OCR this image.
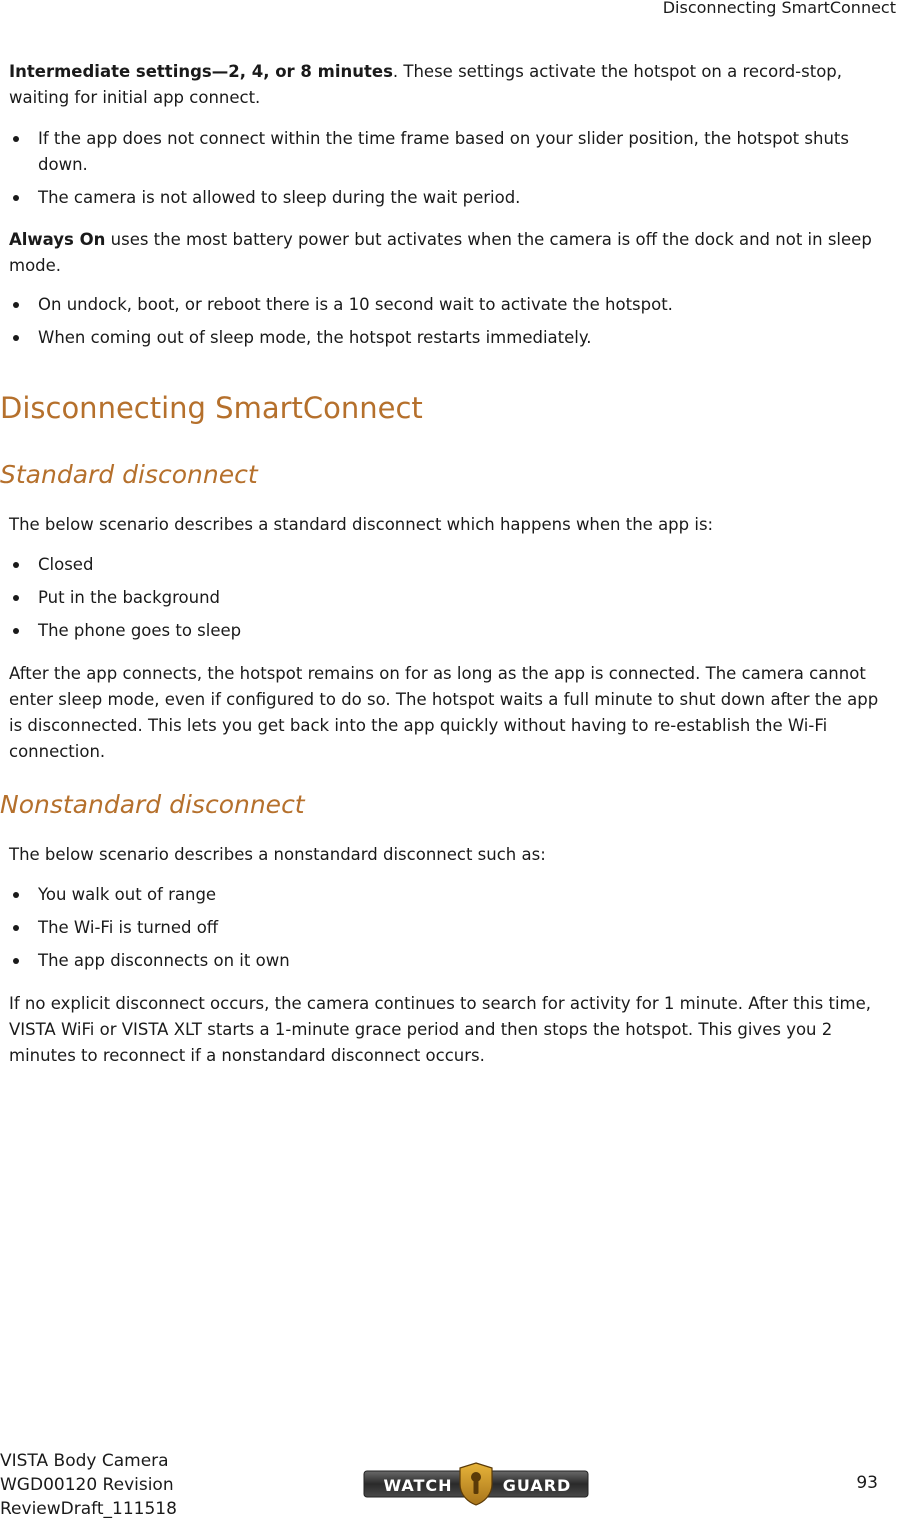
Disconnecting SmartConnect

Intermediate settings—2, 4, or 8 minutes. These settings activate the hotspot on a record-stop, waiting for initial app connect.

If the app does not connect within the time frame based on your slider position, the hotspot shuts down.
The camera is not allowed to sleep during the wait period.

Always On uses the most battery power but activates when the camera is off the dock and not in sleep mode.

On undock, boot, or reboot there is a 10 second wait to activate the hotspot.
When coming out of sleep mode, the hotspot restarts immediately.
Disconnecting SmartConnect
Standard disconnect

The below scenario describes a standard disconnect which happens when the app is:

Closed
Put in the background
The phone goes to sleep

After the app connects, the hotspot remains on for as long as the app is connected. The camera cannot enter sleep mode, even if configured to do so. The hotspot waits a full minute to shut down after the app is disconnected. This lets you get back into the app quickly without having to re-establish the Wi-Fi connection.

Nonstandard disconnect

The below scenario describes a nonstandard disconnect such as:

You walk out of range
The Wi-Fi is turned off
The app disconnects on it own

If no explicit disconnect occurs, the camera continues to search for activity for 1 minute. After this time, VISTA WiFi or VISTA XLT starts a 1-minute grace period and then stops the hotspot. This gives you 2 minutes to reconnect if a nonstandard disconnect occurs.

VISTA Body Camera
WGD00120 Revision
ReviewDraft_111518
WATCH	GUARD	93
